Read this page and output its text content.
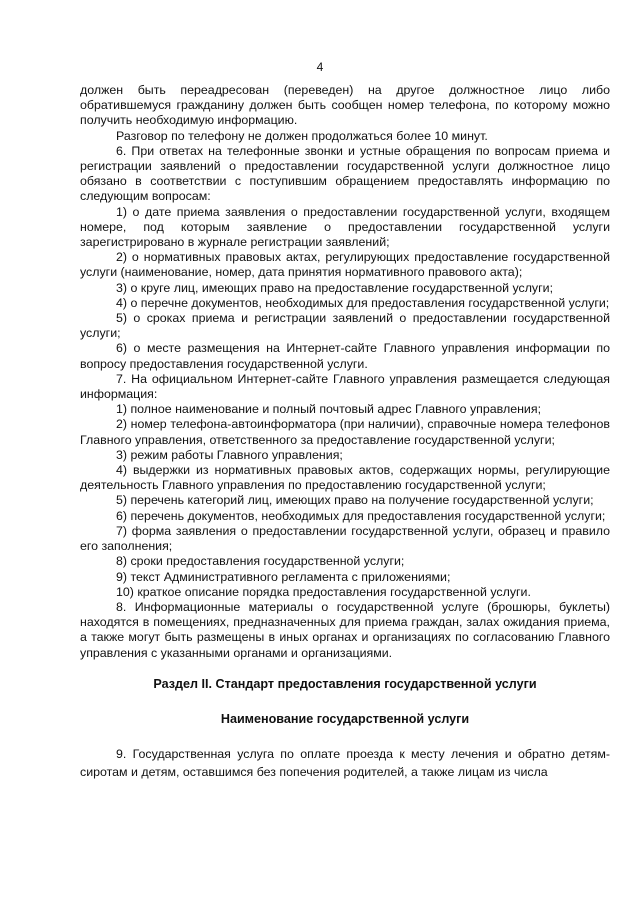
4

должен быть переадресован (переведен) на другое должностное лицо либо обратившемуся гражданину должен быть сообщен номер телефона, по которому можно получить необходимую информацию.

Разговор по телефону не должен продолжаться более 10 минут.

6. При ответах на телефонные звонки и устные обращения по вопросам приема и регистрации заявлений о предоставлении государственной услуги должностное лицо обязано в соответствии с поступившим обращением предоставлять информацию по следующим вопросам:

1) о дате приема заявления о предоставлении государственной услуги, входящем номере, под которым заявление о предоставлении государственной услуги зарегистрировано в журнале регистрации заявлений;

2) о нормативных правовых актах, регулирующих предоставление государственной услуги (наименование, номер, дата принятия нормативного правового акта);

3) о круге лиц, имеющих право на предоставление государственной услуги;

4) о перечне документов, необходимых для предоставления государственной услуги;

5) о сроках приема и регистрации заявлений о предоставлении государственной услуги;

6) о месте размещения на Интернет-сайте Главного управления информации по вопросу предоставления государственной услуги.

7. На официальном Интернет-сайте Главного управления размещается следующая информация:

1) полное наименование и полный почтовый адрес Главного управления;

2) номер телефона-автоинформатора (при наличии), справочные номера телефонов Главного управления, ответственного за предоставление государственной услуги;

3) режим работы Главного управления;

4) выдержки из нормативных правовых актов, содержащих нормы, регулирующие деятельность Главного управления по предоставлению государственной услуги;

5) перечень категорий лиц, имеющих право на получение государственной услуги;

6) перечень документов, необходимых для предоставления государственной услуги;

7) форма заявления о предоставлении государственной услуги, образец и правило его заполнения;

8) сроки предоставления государственной услуги;

9) текст Административного регламента с приложениями;

10) краткое описание порядка предоставления государственной услуги.

8. Информационные материалы о государственной услуге (брошюры, буклеты) находятся в помещениях, предназначенных для приема граждан, залах ожидания приема, а также могут быть размещены в иных органах и организациях по согласованию Главного управления с указанными органами и организациями.

Раздел II. Стандарт предоставления государственной услуги
Наименование государственной услуги

9. Государственная услуга по оплате проезда к месту лечения и обратно детям-сиротам и детям, оставшимся без попечения родителей, а также лицам из числа
